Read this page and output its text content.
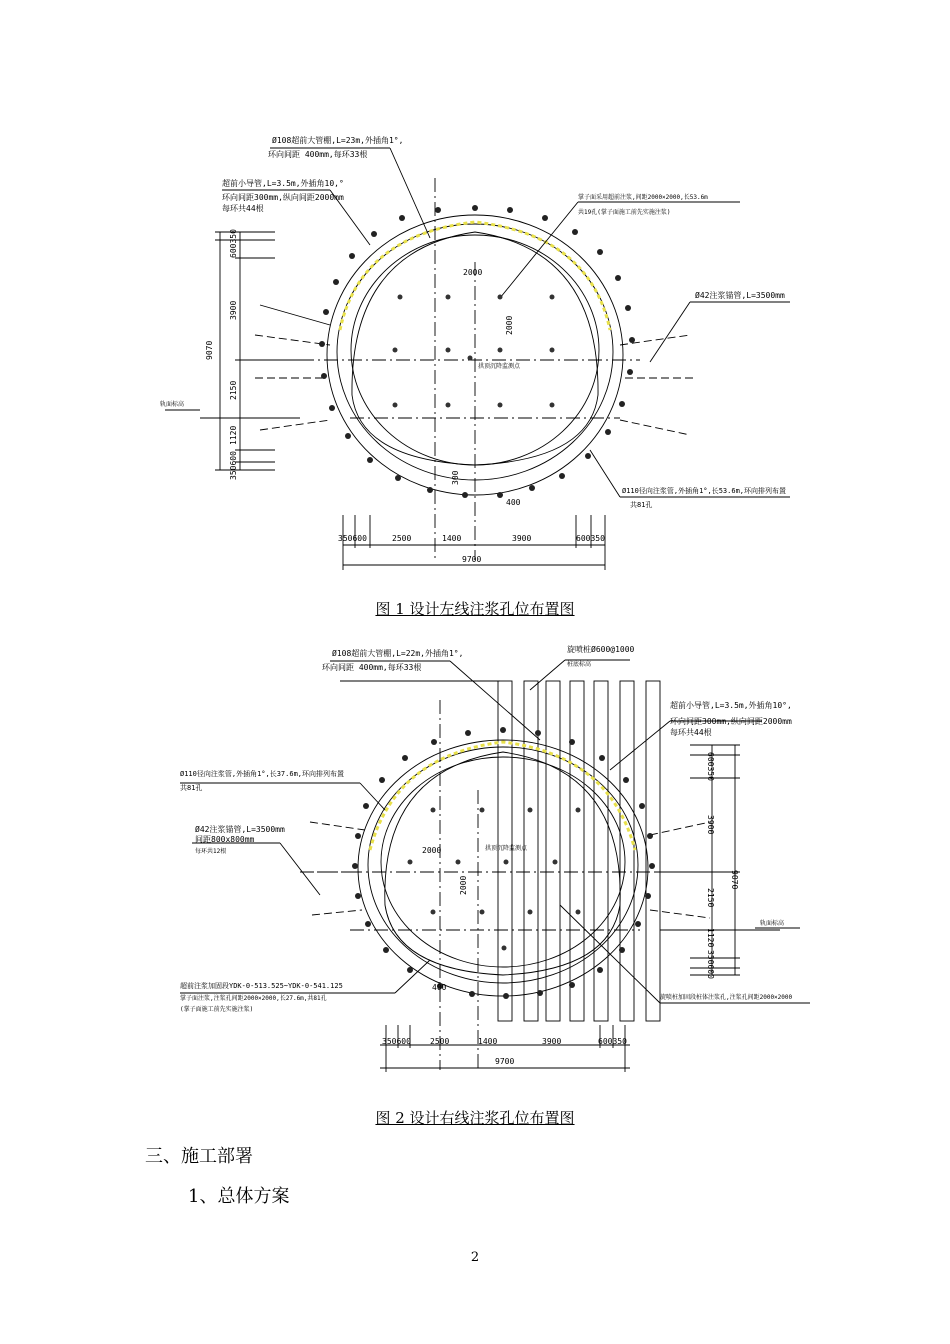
Ø108超前大管棚,L=23m,外插角1°,
环向间距 400mm,每环33根
超前小导管,L=3.5m,外插角10,°
环向间距300mm,纵向间距2000mm
每环共44根
掌子面采用超前注浆,间距2000×2000,长53.6m
共19孔(掌子面施工前先实施注浆)
Ø42注浆锚管,L=3500mm
Ø110径向注浆管,外插角1°,长53.6m,环向排列布置
共81孔
轨面标高
拱顶沉降监测点
2000
2000
9070
600350
3900
2150
1120
350600
350600	2500	1400	3900	600350
9700
300
400
Ø108超前大管棚,L=22m,外插角1°,
环向间距 400mm,每环33根
旋喷桩Ø600@1000
桩底标高
超前小导管,L=3.5m,外插角10°,
环向间距300mm,纵向间距2000mm
每环共44根
Ø110径向注浆管,外插角1°,长37.6m,环向排列布置
共81孔
Ø42注浆锚管,L=3500mm
间距800x800mm
每环共12根
超前注浆加固段YDK-0-513.525~YDK-0-541.125
掌子面注浆,注浆孔间距2000×2000,长27.6m,共81孔
(掌子面施工前先实施注浆)
旋喷桩加固段桩体注浆孔,注浆孔间距2000×2000
轨面标高
拱顶沉降监测点
2000
2000	9070
600350
3900
2150
1120
350600
350600 2500	1400	3900	600350
9700
400
图 1 设计左线注浆孔位布置图
图 2 设计右线注浆孔位布置图
三、施工部署
1、总体方案
2
